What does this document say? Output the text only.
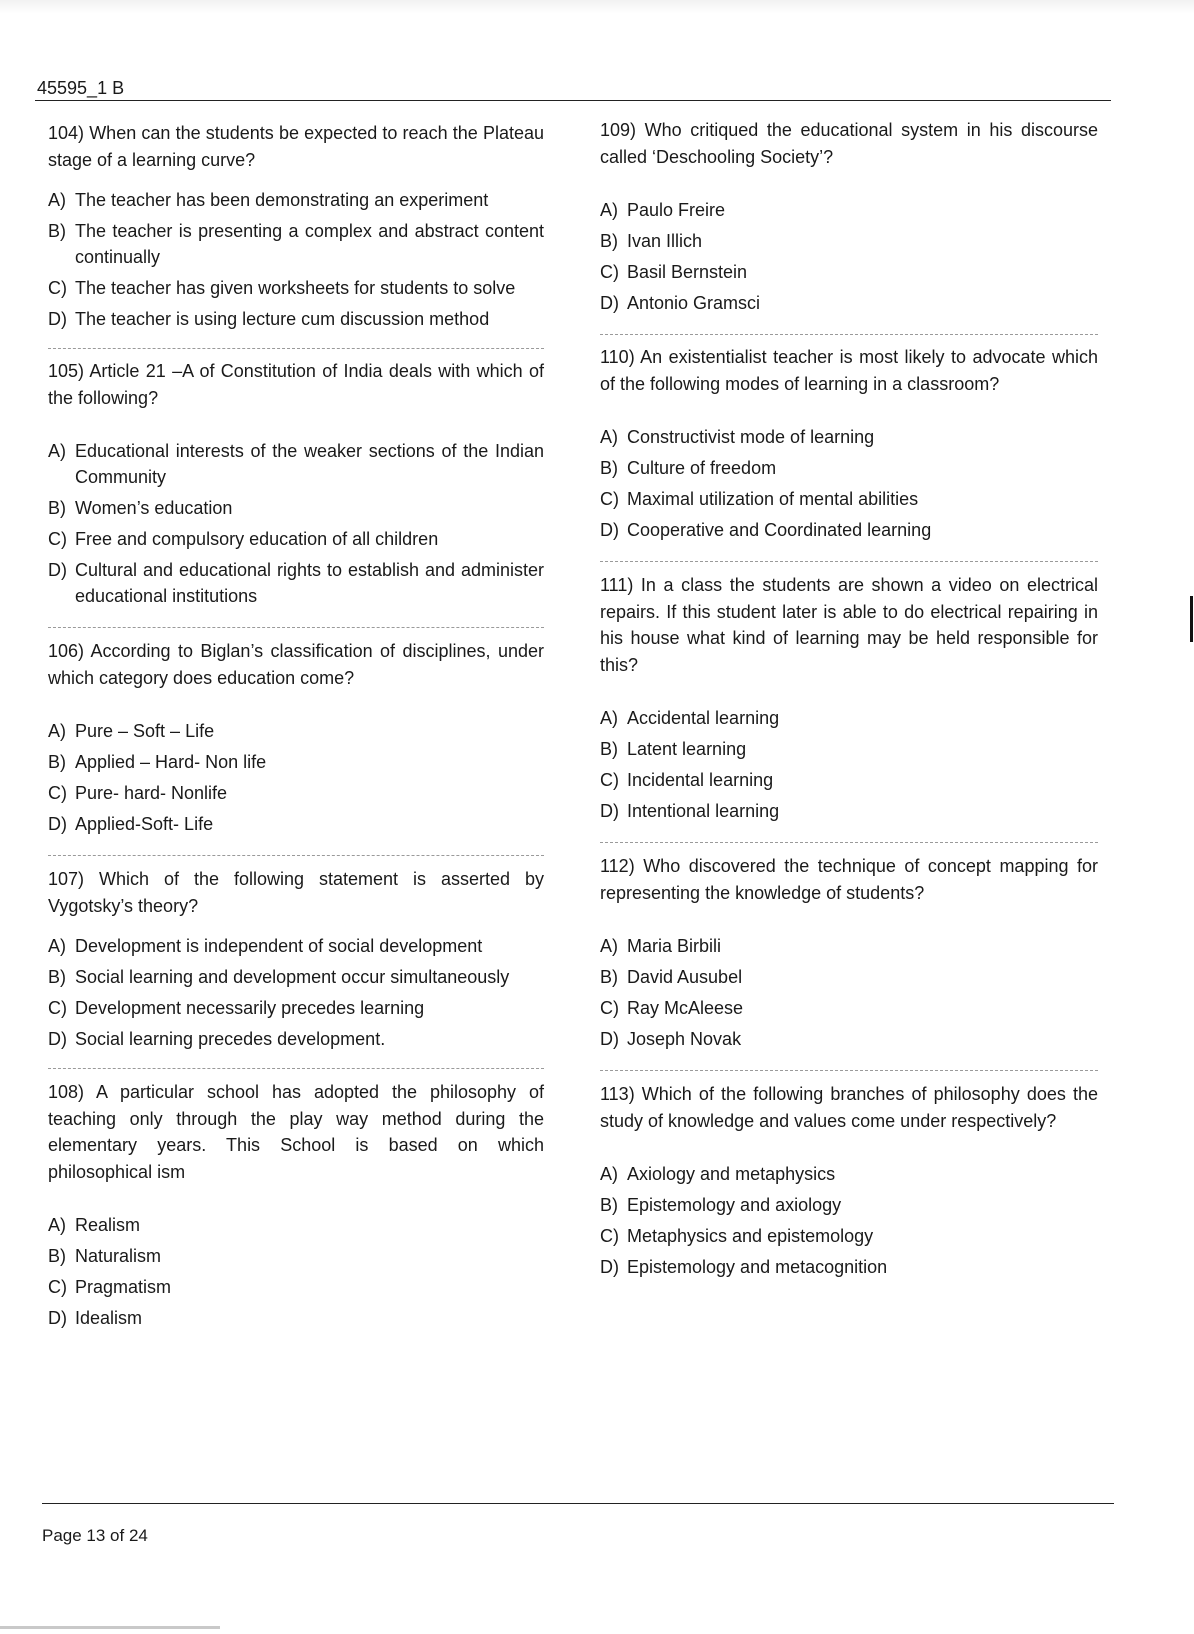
45595_1 B

104) When can the students be expected to reach the Plateau stage of a learning curve?

A) The teacher has been demonstrating an experiment
B) The teacher is presenting a complex and abstract content continually
C) The teacher has given worksheets for students to solve
D) The teacher is using lecture cum discussion method

105) Article 21 –A of Constitution of India deals with which of the following?

A) Educational interests of the weaker sections of the Indian Community
B) Women’s education
C) Free and compulsory education of all children
D) Cultural and educational rights to establish and administer educational institutions

106) According to Biglan’s classification of disciplines, under which category does education come?

A) Pure – Soft – Life
B) Applied – Hard- Non life
C) Pure- hard- Nonlife
D) Applied-Soft- Life

107) Which of the following statement is asserted by Vygotsky’s theory?

A) Development is independent of social development
B) Social learning and development occur simultaneously
C) Development necessarily precedes learning
D) Social learning precedes development.

108) A particular school has adopted the philosophy of teaching only through the play way method during the elementary years. This School is based on which philosophical ism

A) Realism
B) Naturalism
C) Pragmatism
D) Idealism

109) Who critiqued the educational system in his discourse called ‘Deschooling Society’?

A) Paulo Freire
B) Ivan Illich
C) Basil Bernstein
D) Antonio Gramsci

110) An existentialist teacher is most likely to advocate which of the following modes of learning in a classroom?

A) Constructivist mode of learning
B) Culture of freedom
C) Maximal utilization of mental abilities
D) Cooperative and Coordinated learning

111) In a class the students are shown a video on electrical repairs. If this student later is able to do electrical repairing in his house what kind of learning may be held responsible for this?

A) Accidental learning
B) Latent learning
C) Incidental learning
D) Intentional learning

112) Who discovered the technique of concept mapping for representing the knowledge of students?

A) Maria Birbili
B) David Ausubel
C) Ray McAleese
D) Joseph Novak

113) Which of the following branches of philosophy does the study of knowledge and values come under respectively?

A) Axiology and metaphysics
B) Epistemology and axiology
C) Metaphysics and epistemology
D) Epistemology and metacognition
Page 13 of 24
